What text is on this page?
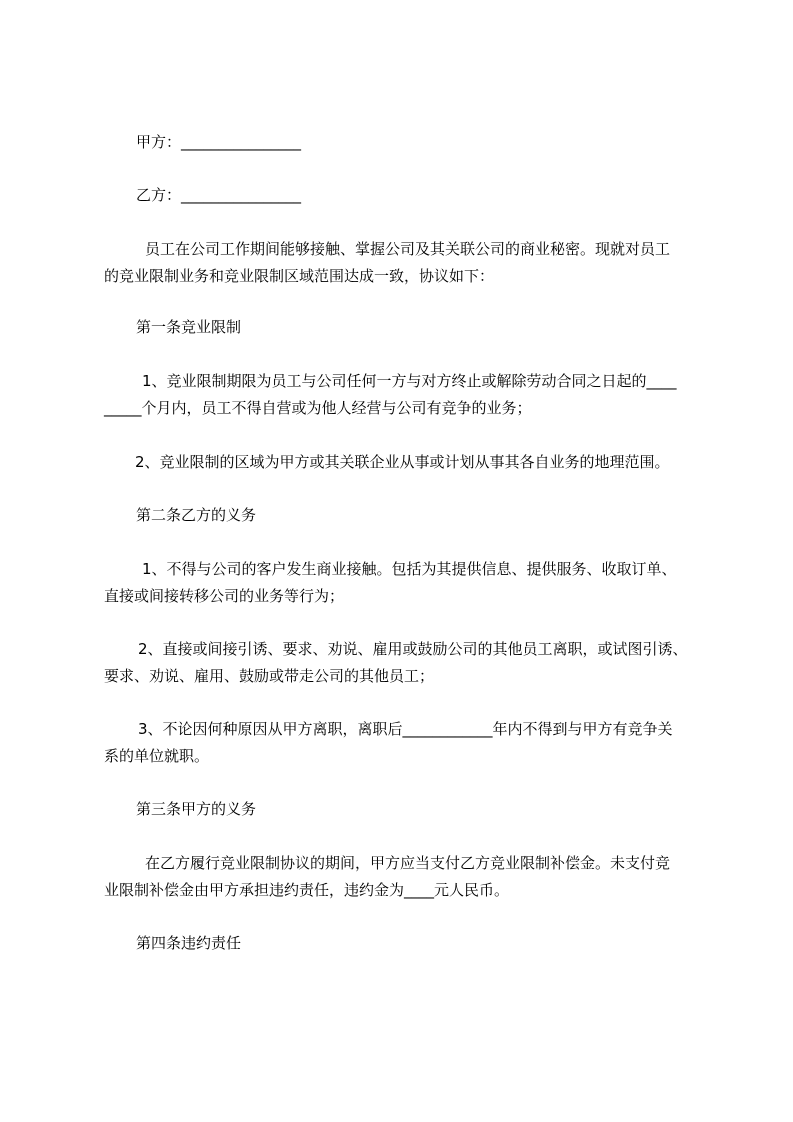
甲方：________________
乙方：________________
员工在公司工作期间能够接触、掌握公司及其关联公司的商业秘密。现就对员工
的竞业限制业务和竞业限制区域范围达成一致，协议如下：
第一条竞业限制
1、竞业限制期限为员工与公司任何一方与对方终止或解除劳动合同之日起的____
_____个月内，员工不得自营或为他人经营与公司有竞争的业务；
2、竞业限制的区域为甲方或其关联企业从事或计划从事其各自业务的地理范围。
第二条乙方的义务
1、不得与公司的客户发生商业接触。包括为其提供信息、提供服务、收取订单、
直接或间接转移公司的业务等行为；
2、直接或间接引诱、要求、劝说、雇用或鼓励公司的其他员工离职，或试图引诱、
要求、劝说、雇用、鼓励或带走公司的其他员工；
3、不论因何种原因从甲方离职，离职后____________年内不得到与甲方有竞争关
系的单位就职。
第三条甲方的义务
在乙方履行竞业限制协议的期间，甲方应当支付乙方竞业限制补偿金。未支付竞
业限制补偿金由甲方承担违约责任，违约金为____元人民币。
第四条违约责任
